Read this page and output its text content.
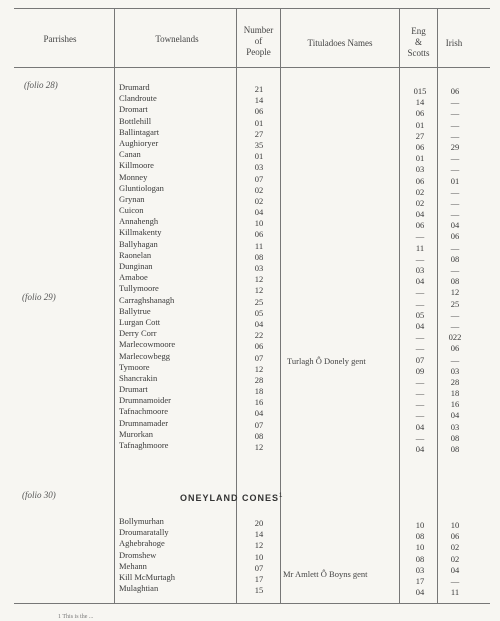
Parrishes	Townelands
Number
of
People
Tituladoes Names
Eng
&
Scotts
Irish
(folio 28)
(folio 29)
(folio 30)
Drumard
Clandroute
Dromart
Bottlehill
Ballintagart
Aughioryer
Canan
Killmoore
Monney
Gluntiologan
Grynan
Cuicon
Annahengh
Killmakenty
Ballyhagan
Raonelan
Dunginan
Amaboe
Tullymoore
Carraghshanagh
Ballytrue
Lurgan Cott
Derry Corr
Marlecowmoore
Marlecowbegg
Tymoore
Shancrakin
Drumart
Drumnamoider
Tafnachmoore
Drumnamader
Murorkan
Tafnaghmoore
21
14
06
01
27
35
01
03
07
02
02
04
10
06
11
08
03
12
12
25
05
04
22
06
07
12
28
18
16
04
07
08
12
015
14
06
01
27
06
01
03
06
02
02
04
06
—
11
—
03
04
—
—
05
04
—
—
07
09
—
—
—
—
04
—
04
06
—
—
—
—
29
—
—
01
—
—
—
04
06
—
08
—
08
12
25
—
—
022
06
—
03
28
18
16
04
03
08
08
Turlagh Ô Donely gent
ONEYLAND CONES$^1$
Bollymurhan
Droumaratally
Aghebrahoge
Dromshew
Mehann
Kill McMurtagh
Mulaghtian
20
14
12
10
07
17
15
10
08
10
08
03
17
04
10
06
02
02
04
—
11
Mr Amlett Ô Boyns gent
1 This is the ...
